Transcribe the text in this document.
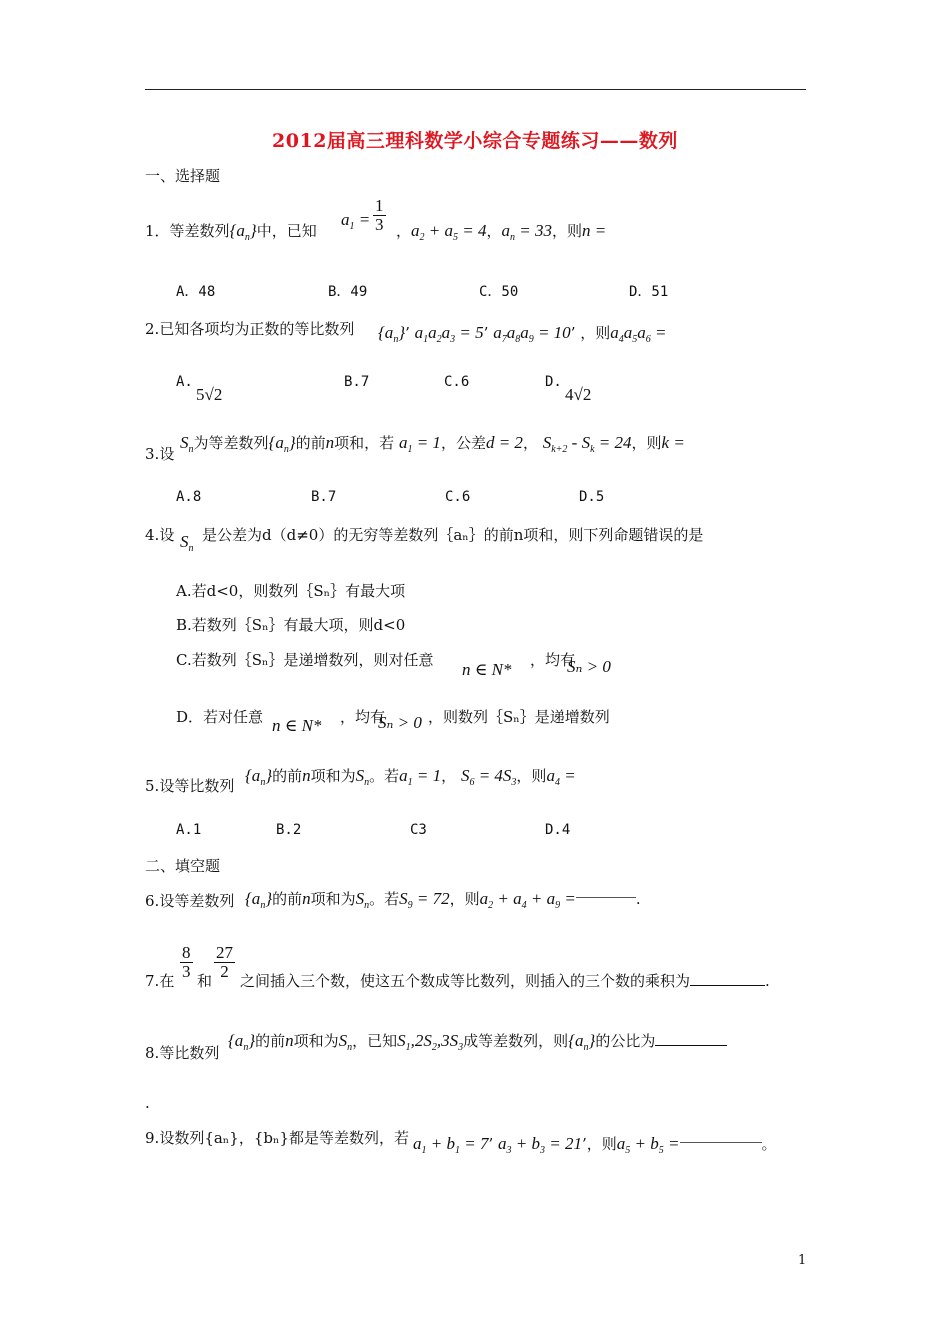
2012届高三理科数学小综合专题练习——数列
一、选择题
1．等差数列$\{a_n\}$中，已知
$a_1 = \frac{1}{3}$ ，$a_2 + a_5 = 4$，$a_n = 33$，则n =
A．48	B．49	C．50	D．51
2.已知各项均为正数的等比数列 $\{a_n\}$’ $a_1a_2a_3 = 5$’ $a_7a_8a_9 = 10$’ ，则$a_4a_5a_6$ =
A.
5√2
B.7	C.6	D.
4√2
3.设
$S_n$为等差数列$\{a_n\}$的前n项和，若 $a_1 = 1$，公差d = 2， $S_{k+2} - S_k = 24$，则k =
A.8	B.7	C.6	D.5
4.设 $S_n$
是公差为d（d≠0）的无穷等差数列｛aₙ｝的前n项和，则下列命题错误的是
A.若d<0，则数列｛Sₙ｝有最大项
B.若数列｛Sₙ｝有最大项，则d<0
C.若数列｛Sₙ｝是递增数列，则对任意 n ∈ N* ，均有
Sₙ > 0
D．若对任意 n ∈ N* ，均有
Sₙ > 0 ，则数列｛Sₙ｝是递增数列
5.设等比数列
$\{a_n\}$的前n项和为$S_n$。若$a_1 = 1$， $S_6 = 4S_3$，则$a_4$ =
A.1	B.2	C3	D.4
二、填空题
6.设等差数列 $\{a_n\}$的前n项和为$S_n$。若$S_9 = 72$，则$a_2 + a_4 + a_9$ =	.
7.在
$\frac{8}{3}$
和
$\frac{27}{2}$
之间插入三个数，使这五个数成等比数列，则插入的三个数的乘积为	.
8.等比数列
$\{a_n\}$的前n项和为$S_n$，已知$S_1,2S_2,3S_3$成等差数列，则$\{a_n\}$的公比为
.
9.设数列{aₙ}，{bₙ}都是等差数列，若 $a_1 + b_1 = 7$’ $a_3 + b_3 = 21$’，则$a_5 + b_5$ =	。
1
